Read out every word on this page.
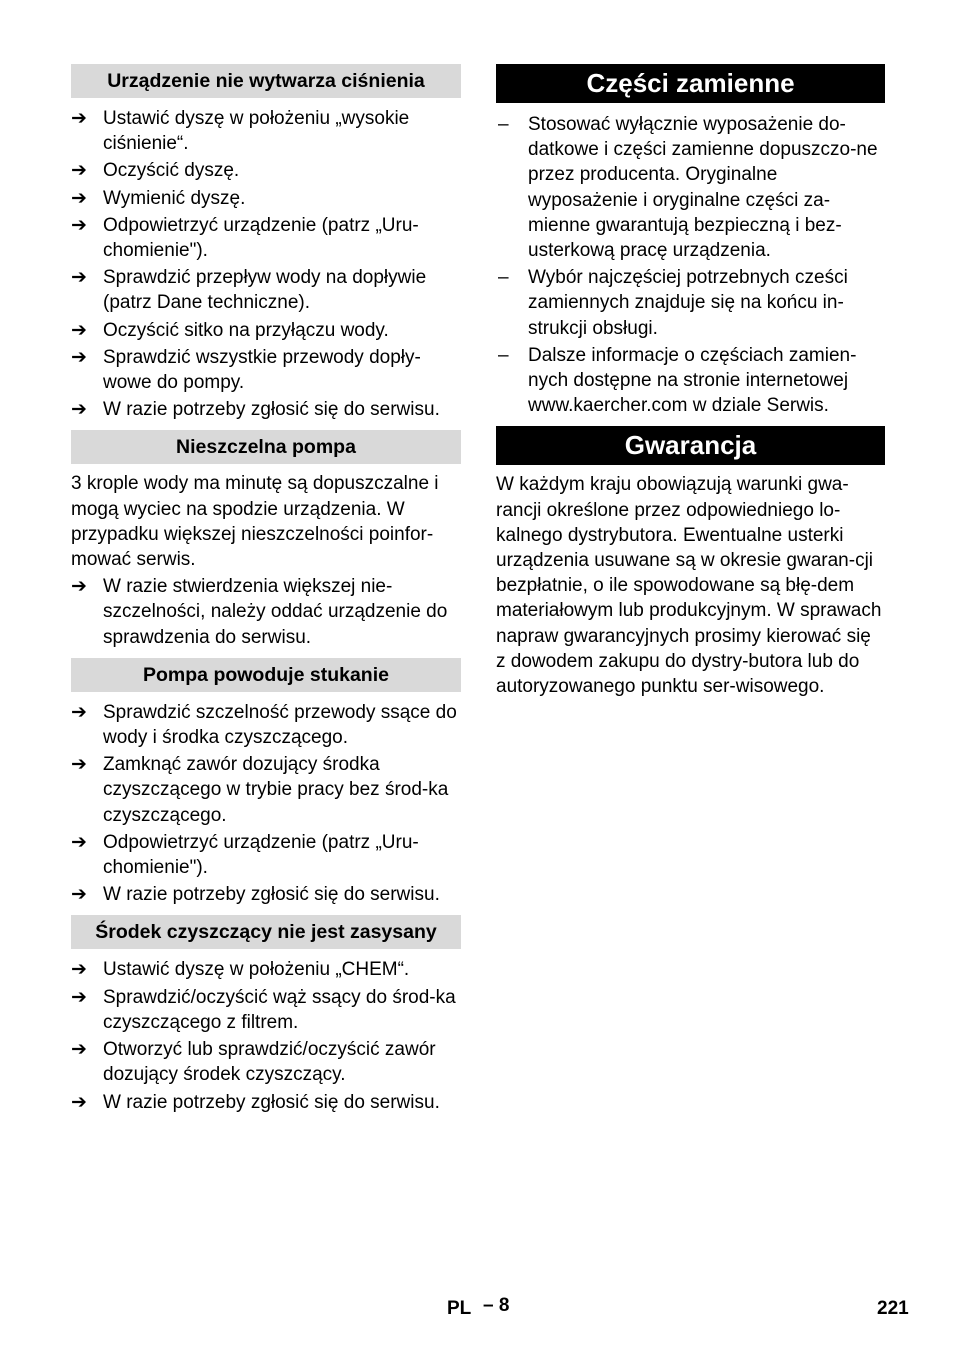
Urządzenie nie wytwarza ciśnienia
➔ Ustawić dyszę w położeniu „wysokie ciśnienie“.
➔ Oczyścić dyszę.
➔ Wymienić dyszę.
➔ Odpowietrzyć urządzenie (patrz „Uru-chomienie").
➔ Sprawdzić przepływ wody na dopływie (patrz Dane techniczne).
➔ Oczyścić sitko na przyłączu wody.
➔ Sprawdzić wszystkie przewody dopły-wowe do pompy.
➔ W razie potrzeby zgłosić się do serwisu.
Nieszczelna pompa

3 krople wody ma minutę są dopuszczalne i mogą wyciec na spodzie urządzenia. W przypadku większej nieszczelności poinfor-mować serwis.

➔ W razie stwierdzenia większej nie-szczelności, należy oddać urządzenie do sprawdzenia do serwisu.
Pompa powoduje stukanie
➔ Sprawdzić szczelność przewody ssące do wody i środka czyszczącego.
➔ Zamknąć zawór dozujący środka czyszczącego w trybie pracy bez środ-ka czyszczącego.
➔ Odpowietrzyć urządzenie (patrz „Uru-chomienie").
➔ W razie potrzeby zgłosić się do serwisu.
Środek czyszczący nie jest zasysany
➔ Ustawić dyszę w położeniu „CHEM“.
➔ Sprawdzić/oczyścić wąż ssący do środ-ka czyszczącego z filtrem.
➔ Otworzyć lub sprawdzić/oczyścić zawór dozujący środek czyszczący.
➔ W razie potrzeby zgłosić się do serwisu.
Części zamienne
– Stosować wyłącznie wyposażenie do-datkowe i części zamienne dopuszczo-ne przez producenta. Oryginalne wyposażenie i oryginalne części za-mienne gwarantują bezpieczną i bez-usterkową pracę urządzenia.
– Wybór najczęściej potrzebnych cześci zamiennych znajduje się na końcu in-strukcji obsługi.
– Dalsze informacje o częściach zamien-nych dostępne na stronie internetowej www.kaercher.com w dziale Serwis.
Gwarancja

W każdym kraju obowiązują warunki gwa-rancji określone przez odpowiedniego lo-kalnego dystrybutora. Ewentualne usterki urządzenia usuwane są w okresie gwaran-cji bezpłatnie, o ile spowodowane są błę-dem materiałowym lub produkcyjnym. W sprawach napraw gwarancyjnych prosimy kierować się z dowodem zakupu do dystry-butora lub do autoryzowanego punktu ser-wisowego.

PL – 8	221
